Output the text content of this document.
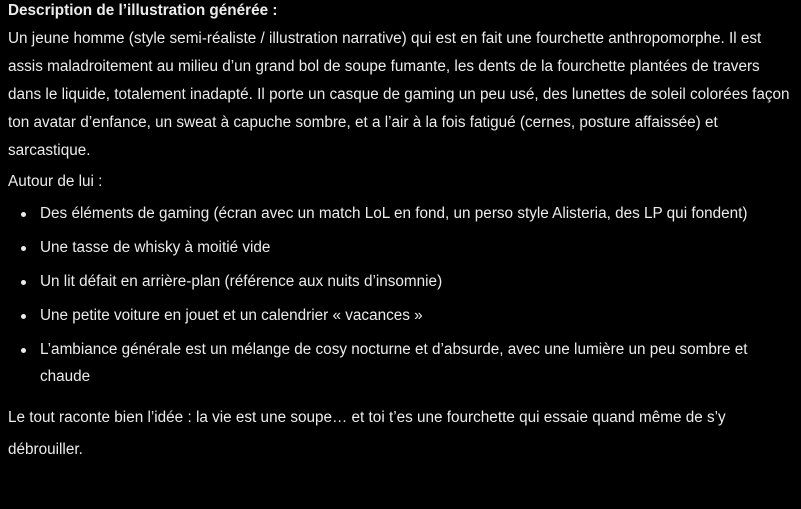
Description de l’illustration générée :

Un jeune homme (style semi-réaliste / illustration narrative) qui est en fait une fourchette anthropomorphe. Il est assis maladroitement au milieu d’un grand bol de soupe fumante, les dents de la fourchette plantées de travers dans le liquide, totalement inadapté. Il porte un casque de gaming un peu usé, des lunettes de soleil colorées façon ton avatar d’enfance, un sweat à capuche sombre, et a l’air à la fois fatigué (cernes, posture affaissée) et sarcastique.

Autour de lui :

Des éléments de gaming (écran avec un match LoL en fond, un perso style Alisteria, des LP qui fondent)
Une tasse de whisky à moitié vide
Un lit défait en arrière-plan (référence aux nuits d’insomnie)
Une petite voiture en jouet et un calendrier « vacances »
L’ambiance générale est un mélange de cosy nocturne et d’absurde, avec une lumière un peu sombre et chaude

Le tout raconte bien l’idée : la vie est une soupe… et toi t’es une fourchette qui essaie quand même de s’y débrouiller.
